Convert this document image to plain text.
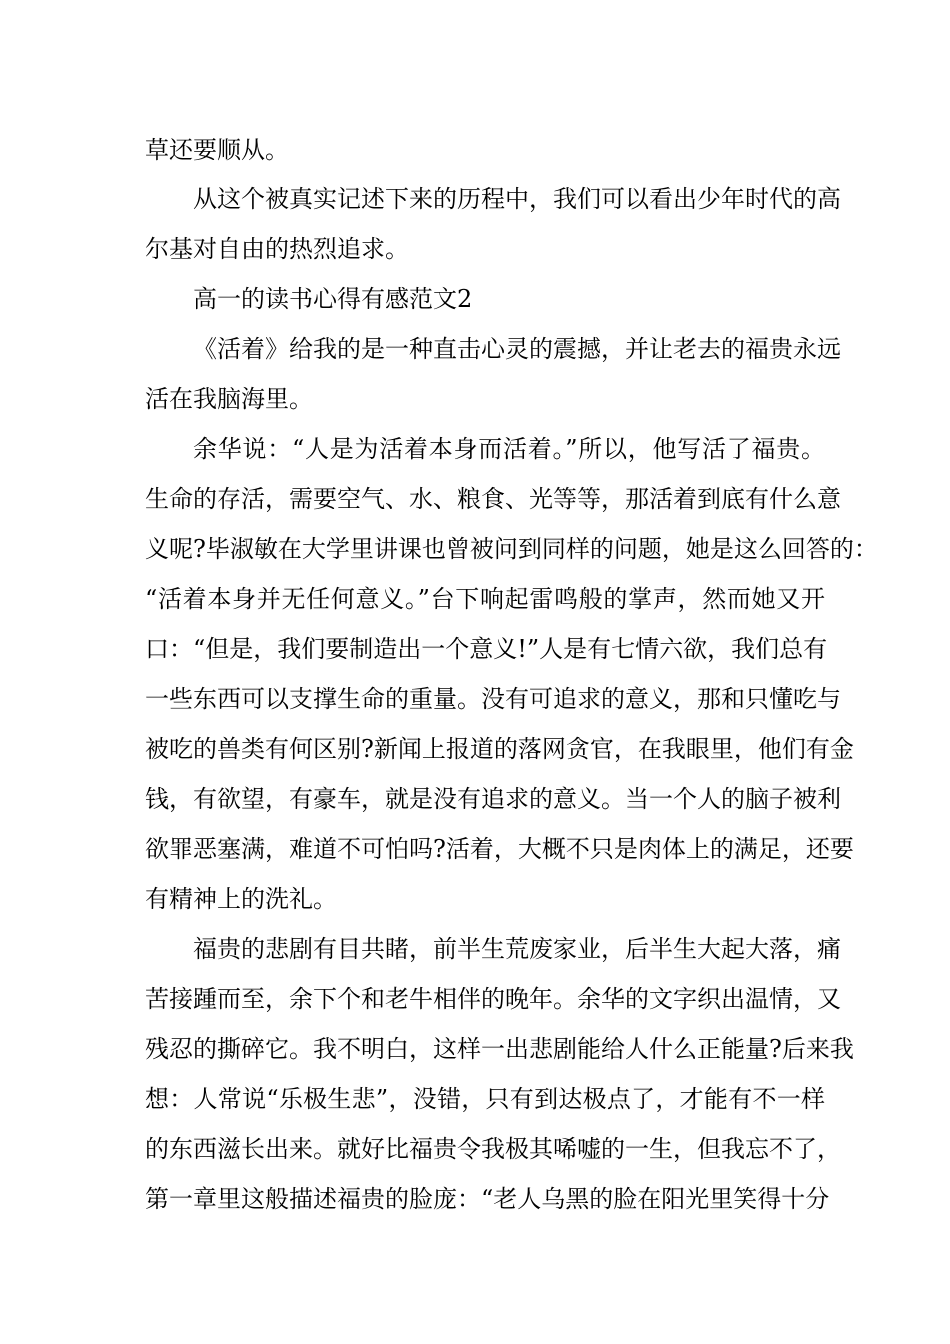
草还要顺从。
从这个被真实记述下来的历程中，我们可以看出少年时代的高
尔基对自由的热烈追求。
高一的读书心得有感范文2
《活着》给我的是一种直击心灵的震撼，并让老去的福贵永远
活在我脑海里。
余华说：“人是为活着本身而活着。”所以，他写活了福贵。
生命的存活，需要空气、水、粮食、光等等，那活着到底有什么意
义呢?毕淑敏在大学里讲课也曾被问到同样的问题，她是这么回答的：
“活着本身并无任何意义。”台下响起雷鸣般的掌声，然而她又开
口：“但是，我们要制造出一个意义!”人是有七情六欲，我们总有
一些东西可以支撑生命的重量。没有可追求的意义，那和只懂吃与
被吃的兽类有何区别?新闻上报道的落网贪官，在我眼里，他们有金
钱，有欲望，有豪车，就是没有追求的意义。当一个人的脑子被利
欲罪恶塞满，难道不可怕吗?活着，大概不只是肉体上的满足，还要
有精神上的洗礼。
福贵的悲剧有目共睹，前半生荒废家业，后半生大起大落，痛
苦接踵而至，余下个和老牛相伴的晚年。余华的文字织出温情，又
残忍的撕碎它。我不明白，这样一出悲剧能给人什么正能量?后来我
想：人常说“乐极生悲”，没错，只有到达极点了，才能有不一样
的东西滋长出来。就好比福贵令我极其唏嘘的一生，但我忘不了，
第一章里这般描述福贵的脸庞：“老人乌黑的脸在阳光里笑得十分
